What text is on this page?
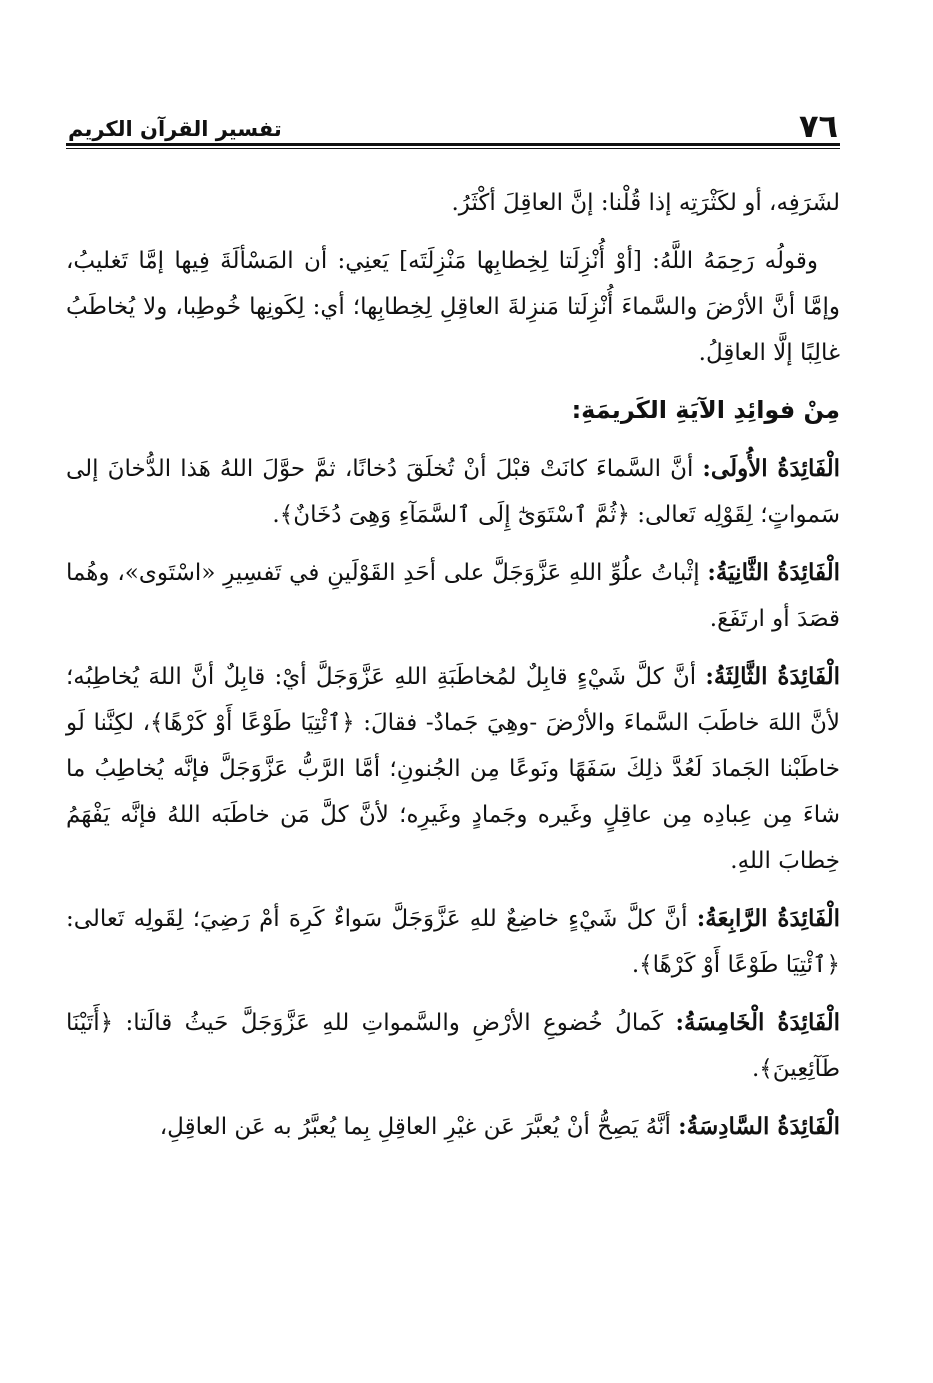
٧٦
تفسير القرآن الكريم

لشَرَفِه، أو لكَثْرَتِه إذا قُلْنا: إنَّ العاقِلَ أكْثَرُ.

وقولُه رَحِمَهُ اللَّهُ: [أوْ أُنْزِلَتا لِخِطابِها مَنْزِلَتَه] يَعنِي: أن المَسْألَةَ فِيها إمَّا تَغليبُ، وإمَّا أنَّ الأرْضَ والسَّماءَ أُنْزِلَتا مَنزِلةَ العاقِلِ لِخِطابِها؛ أي: لِكَونِها خُوطِبا، ولا يُخاطَبُ غالِبًا إلَّا العاقِلُ.

مِنْ فوائِدِ الآيَةِ الكَريمَةِ:

الْفَائِدَةُ الأُولَى: أنَّ السَّماءَ كانَتْ قبْلَ أنْ تُخلَقَ دُخانًا، ثمَّ حوَّلَ اللهُ هَذا الدُّخانَ إلى سَمواتٍ؛ لِقَوْلِه تَعالى: ﴿ثُمَّ ٱسْتَوَىٰٓ إِلَى ٱلسَّمَآءِ وَهِىَ دُخَانٌ﴾.

الْفَائِدَةُ الثَّانِيَةُ: إثْباتُ علُوِّ اللهِ عَزَّوَجَلَّ على أحَدِ القَوْلَينِ في تَفسِيرِ «اسْتَوى»، وهُما قصَدَ أو ارتَفَعَ.

الْفَائِدَةُ الثَّالِثَةُ: أنَّ كلَّ شَيْءٍ قابِلٌ لمُخاطَبَةِ اللهِ عَزَّوَجَلَّ أيْ: قابِلٌ أنَّ اللهَ يُخاطِبُه؛ لأنَّ اللهَ خاطَبَ السَّماءَ والأرْضَ -وهِيَ جَمادٌ- فقالَ: ﴿ٱئْتِيَا طَوْعًا أَوْ كَرْهًا﴾، لكِنَّنا لَو خاطَبْنا الجَمادَ لَعُدَّ ذلِكَ سَفَهًا ونَوعًا مِن الجُنونِ؛ أمَّا الرَّبُّ عَزَّوَجَلَّ فإنَّه يُخاطِبُ ما شاءَ مِن عِبادِه مِن عاقِلٍ وغَيره وجَمادٍ وغَيرِه؛ لأنَّ كلَّ مَن خاطَبَه اللهُ فإنَّه يَفْهَمُ خِطابَ اللهِ.

الْفَائِدَةُ الرَّابِعَةُ: أنَّ كلَّ شَيْءٍ خاضِعٌ للهِ عَزَّوَجَلَّ سَواءٌ كَرِهَ أمْ رَضِيَ؛ لِقَولِه تَعالى: ﴿ٱئْتِيَا طَوْعًا أَوْ كَرْهًا﴾.

الْفَائِدَةُ الْخَامِسَةُ: كَمالُ خُضوعِ الأرْضِ والسَّمواتِ للهِ عَزَّوَجَلَّ حَيثُ قالَتا: ﴿أَتَيْنَا طَآئِعِينَ﴾.

الْفَائِدَةُ السَّادِسَةُ: أنَّهُ يَصِحُّ أنْ يُعبَّرَ عَن غيْرِ العاقِلِ بِما يُعبَّرُ به عَن العاقِلِ،
